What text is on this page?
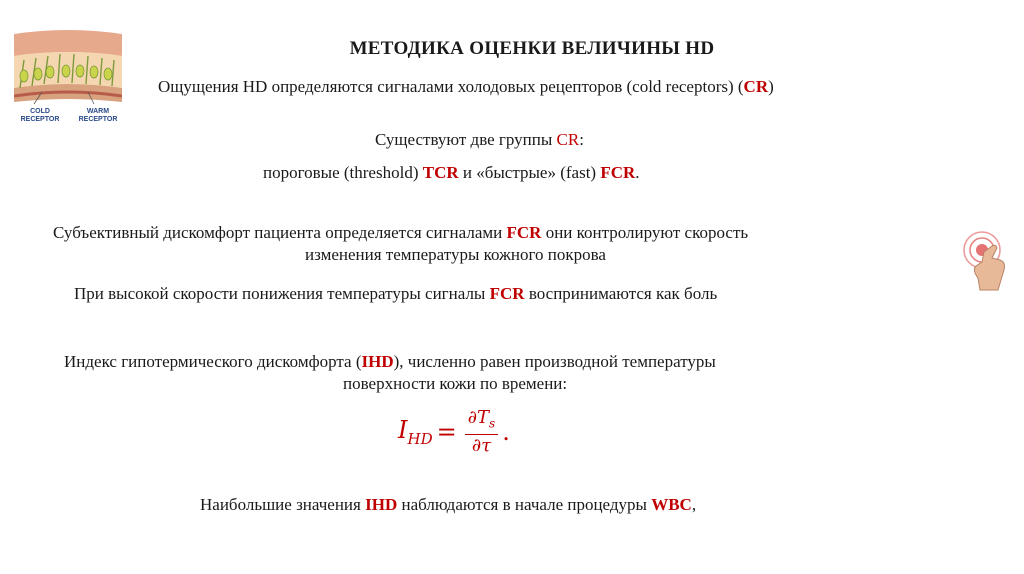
COLD RECEPTOR
WARM RECEPTOR
МЕТОДИКА ОЦЕНКИ ВЕЛИЧИНЫ HD
Ощущения HD определяются сигналами холодовых рецепторов (cold receptors) (CR)
Существуют две группы CR:
пороговые (threshold) TCR и «быстрые» (fast) FCR.
Субъективный дискомфорт пациента определяется сигналами FCR они контролируют скорость
изменения температуры кожного покрова
При высокой скорости понижения температуры сигналы FCR воспринимаются как боль
Индекс гипотермического дискомфорта (IHD), численно равен производной температуры
поверхности кожи по времени:
$I_{HD} = \frac{\partial T_s}{\partial\tau}$ .
Наибольшие значения IHD наблюдаются в начале процедуры WBC,
